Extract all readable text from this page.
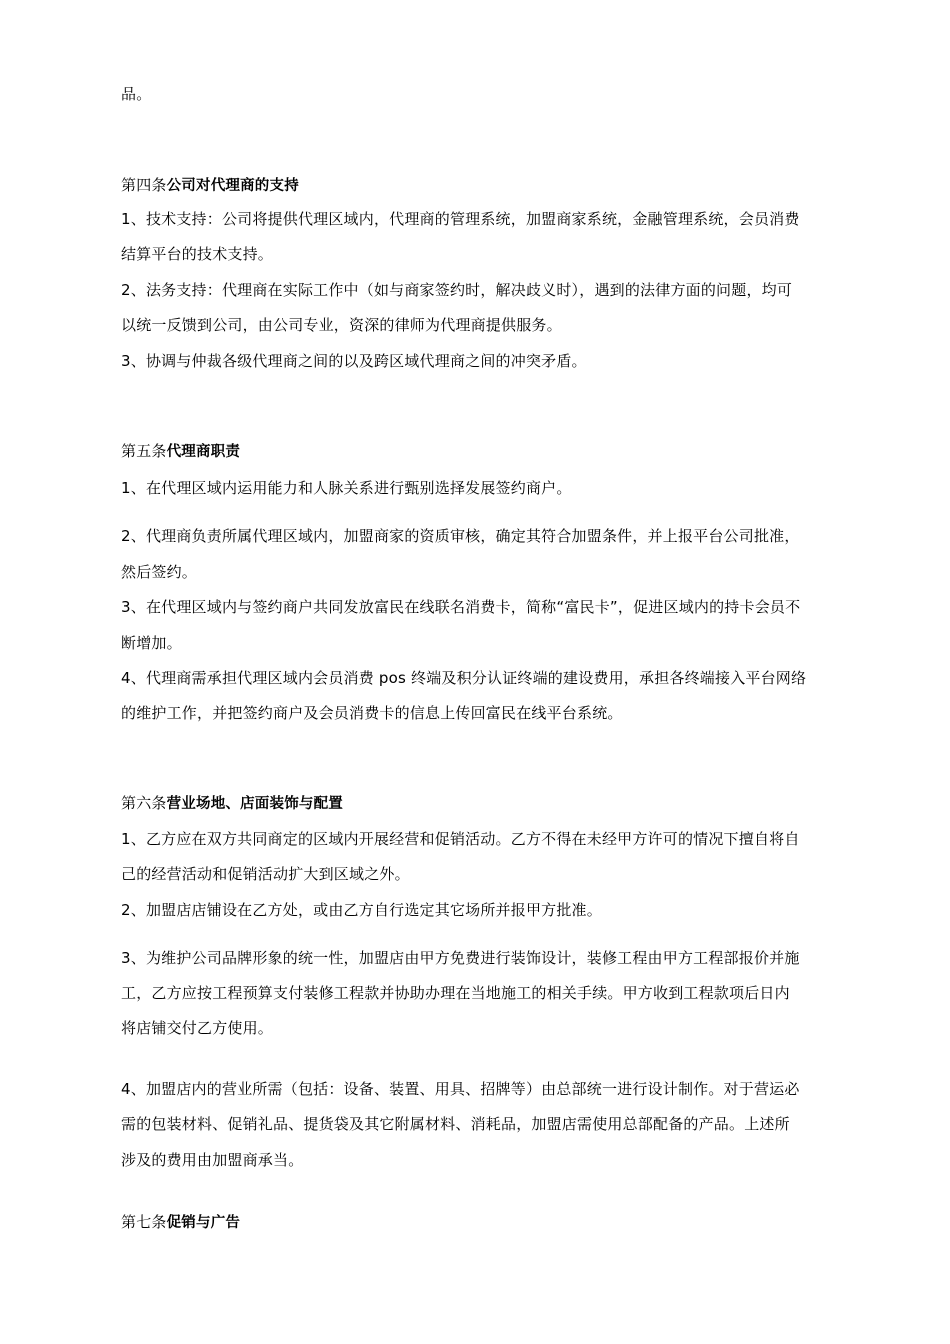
品。
第四条公司对代理商的支持
1、技术支持：公司将提供代理区域内，代理商的管理系统，加盟商家系统，金融管理系统，会员消费
结算平台的技术支持。
2、法务支持：代理商在实际工作中（如与商家签约时，解决歧义时），遇到的法律方面的问题，均可
以统一反馈到公司，由公司专业，资深的律师为代理商提供服务。
3、协调与仲裁各级代理商之间的以及跨区域代理商之间的冲突矛盾。
第五条代理商职责
1、在代理区域内运用能力和人脉关系进行甄别选择发展签约商户。
2、代理商负责所属代理区域内，加盟商家的资质审核，确定其符合加盟条件，并上报平台公司批准，
然后签约。
3、在代理区域内与签约商户共同发放富民在线联名消费卡，简称“富民卡”，促进区域内的持卡会员不
断增加。
4、代理商需承担代理区域内会员消费 pos 终端及积分认证终端的建设费用，承担各终端接入平台网络
的维护工作，并把签约商户及会员消费卡的信息上传回富民在线平台系统。
第六条营业场地、店面装饰与配置
1、乙方应在双方共同商定的区域内开展经营和促销活动。乙方不得在未经甲方许可的情况下擅自将自
己的经营活动和促销活动扩大到区域之外。
2、加盟店店铺设在乙方处，或由乙方自行选定其它场所并报甲方批准。
3、为维护公司品牌形象的统一性，加盟店由甲方免费进行装饰设计，装修工程由甲方工程部报价并施
工，乙方应按工程预算支付装修工程款并协助办理在当地施工的相关手续。甲方收到工程款项后日内
将店铺交付乙方使用。
4、加盟店内的营业所需（包括：设备、装置、用具、招牌等）由总部统一进行设计制作。对于营运必
需的包装材料、促销礼品、提货袋及其它附属材料、消耗品，加盟店需使用总部配备的产品。上述所
涉及的费用由加盟商承当。
第七条促销与广告
